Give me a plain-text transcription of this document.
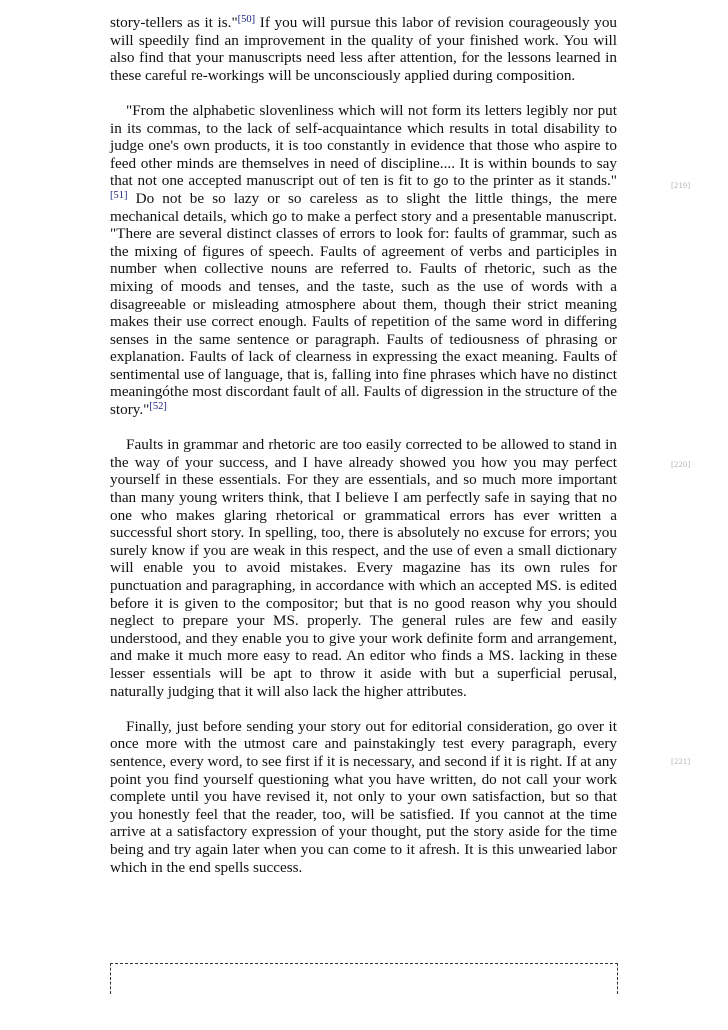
story-tellers as it is."[50] If you will pursue this labor of revision courageously you will speedily find an improvement in the quality of your finished work. You will also find that your manuscripts need less after attention, for the lessons learned in these careful re-workings will be unconsciously applied during composition.

"From the alphabetic slovenliness which will not form its letters legibly nor put in its commas, to the lack of self-acquaintance which results in total disability to judge one's own products, it is too constantly in evidence that those who aspire to feed other minds are themselves in need of discipline.... It is within bounds to say that not one accepted manuscript out of ten is fit to go to the printer as it stands."[51] Do not be so lazy or so careless as to slight the little things, the mere mechanical details, which go to make a perfect story and a presentable manuscript. "There are several distinct classes of errors to look for: faults of grammar, such as the mixing of figures of speech. Faults of agreement of verbs and participles in number when collective nouns are referred to. Faults of rhetoric, such as the mixing of moods and tenses, and the taste, such as the use of words with a disagreeable or misleading atmosphere about them, though their strict meaning makes their use correct enough. Faults of repetition of the same word in differing senses in the same sentence or paragraph. Faults of tediousness of phrasing or explanation. Faults of lack of clearness in expressing the exact meaning. Faults of sentimental use of language, that is, falling into fine phrases which have no distinct meaningóthe most discordant fault of all. Faults of digression in the structure of the story."[52]

Faults in grammar and rhetoric are too easily corrected to be allowed to stand in the way of your success, and I have already showed you how you may perfect yourself in these essentials. For they are essentials, and so much more important than many young writers think, that I believe I am perfectly safe in saying that no one who makes glaring rhetorical or grammatical errors has ever written a successful short story. In spelling, too, there is absolutely no excuse for errors; you surely know if you are weak in this respect, and the use of even a small dictionary will enable you to avoid mistakes. Every magazine has its own rules for punctuation and paragraphing, in accordance with which an accepted MS. is edited before it is given to the compositor; but that is no good reason why you should neglect to prepare your MS. properly. The general rules are few and easily understood, and they enable you to give your work definite form and arrangement, and make it much more easy to read. An editor who finds a MS. lacking in these lesser essentials will be apt to throw it aside with but a superficial perusal, naturally judging that it will also lack the higher attributes.

Finally, just before sending your story out for editorial consideration, go over it once more with the utmost care and painstakingly test every paragraph, every sentence, every word, to see first if it is necessary, and second if it is right. If at any point you find yourself questioning what you have written, do not call your work complete until you have revised it, not only to your own satisfaction, but so that you honestly feel that the reader, too, will be satisfied. If you cannot at the time arrive at a satisfactory expression of your thought, put the story aside for the time being and try again later when you can come to it afresh. It is this unwearied labor which in the end spells success.

[219]
[220]
[221]
